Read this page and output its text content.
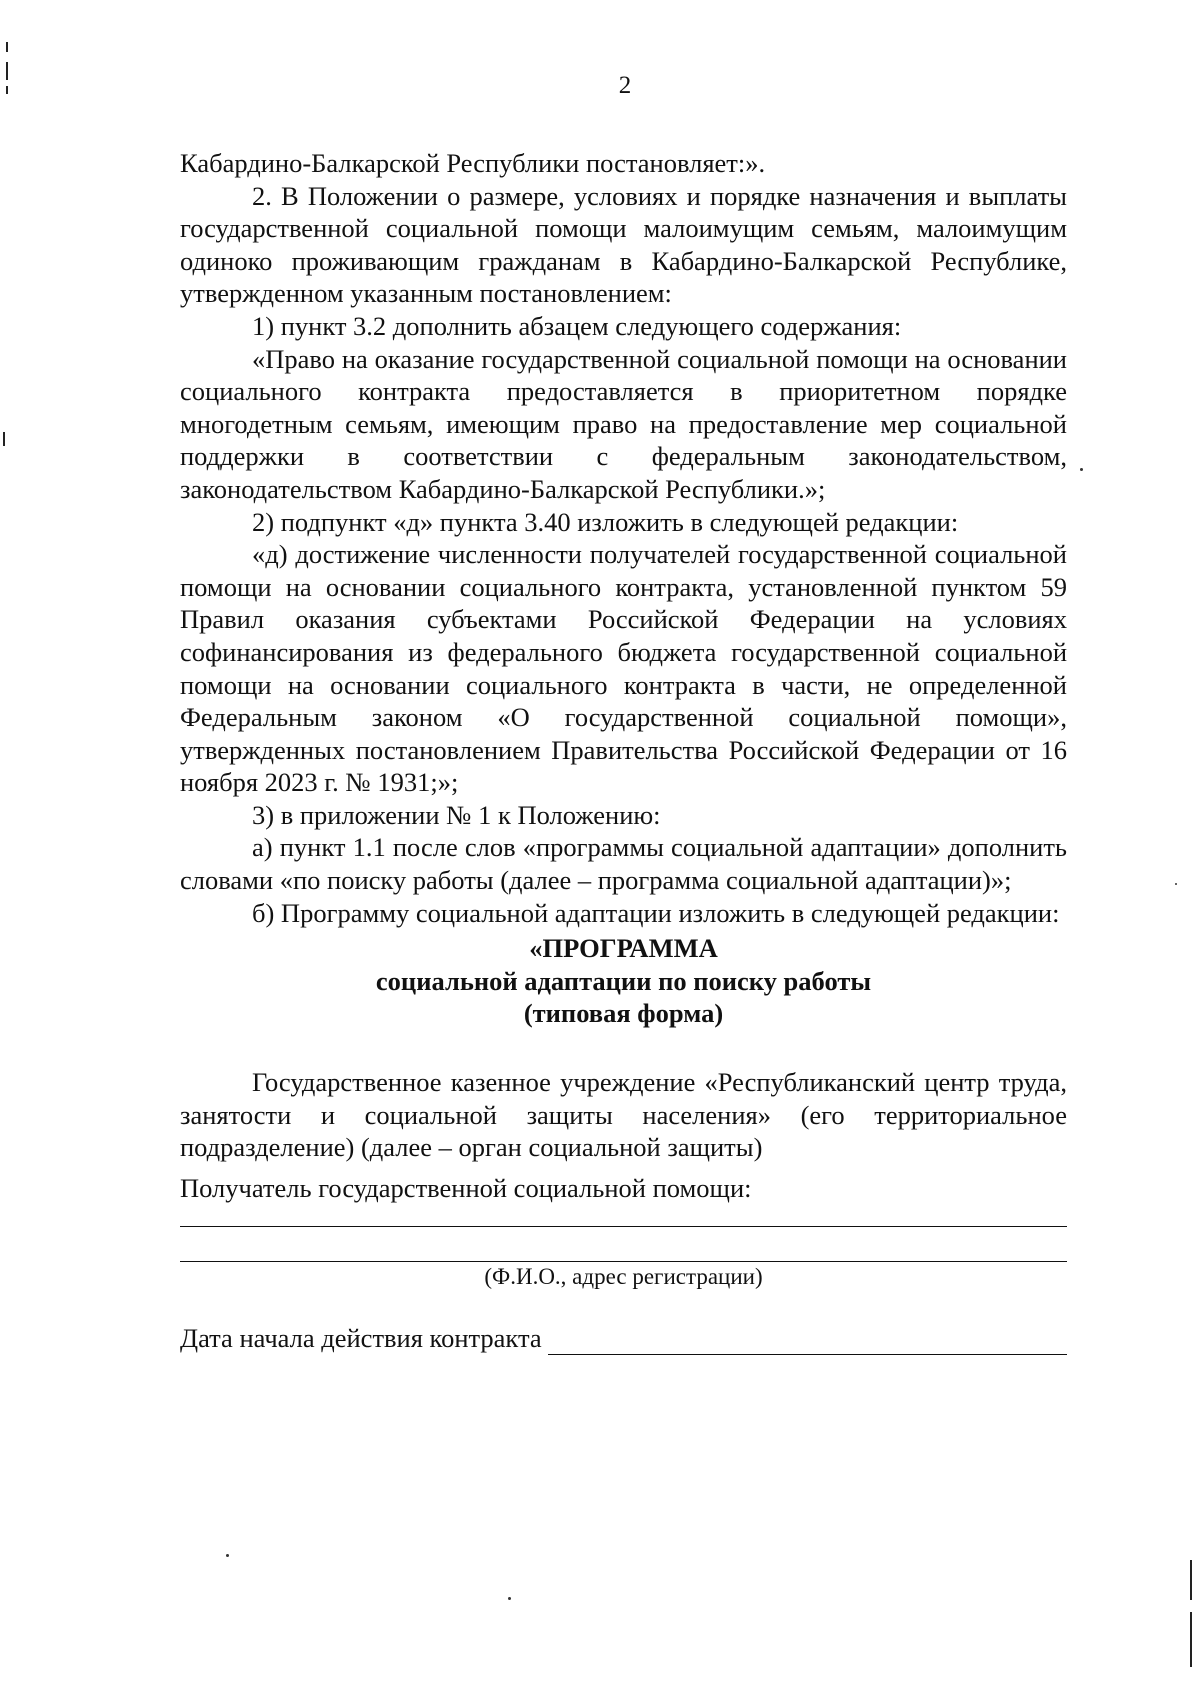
2

Кабардино-Балкарской Республики постановляет:».

2. В Положении о размере, условиях и порядке назначения и выплаты государственной социальной помощи малоимущим семьям, малоимущим одиноко проживающим гражданам в Кабардино-Балкарской Республике, утвержденном указанным постановлением:

1) пункт 3.2 дополнить абзацем следующего содержания:

«Право на оказание государственной социальной помощи на основании социального контракта предоставляется в приоритетном порядке многодетным семьям, имеющим право на предоставление мер социальной поддержки в соответствии с федеральным законодательством, законодательством Кабардино-Балкарской Республики.»;

2) подпункт «д» пункта 3.40 изложить в следующей редакции:

«д) достижение численности получателей государственной социальной помощи на основании социального контракта, установленной пунктом 59 Правил оказания субъектами Российской Федерации на условиях софинансирования из федерального бюджета государственной социальной помощи на основании социального контракта в части, не определенной Федеральным законом «О государственной социальной помощи», утвержденных постановлением Правительства Российской Федерации от 16 ноября 2023 г. № 1931;»;

3) в приложении № 1 к Положению:

а) пункт 1.1 после слов «программы социальной адаптации» дополнить словами «по поиску работы (далее – программа социальной адаптации)»;

б) Программу социальной адаптации изложить в следующей редакции:

«ПРОГРАММА

социальной адаптации по поиску работы

(типовая форма)

Государственное казенное учреждение «Республиканский центр труда, занятости и социальной защиты населения» (его территориальное подразделение) (далее – орган социальной защиты)

Получатель государственной социальной помощи:

(Ф.И.О., адрес регистрации)

Дата начала действия контракта
